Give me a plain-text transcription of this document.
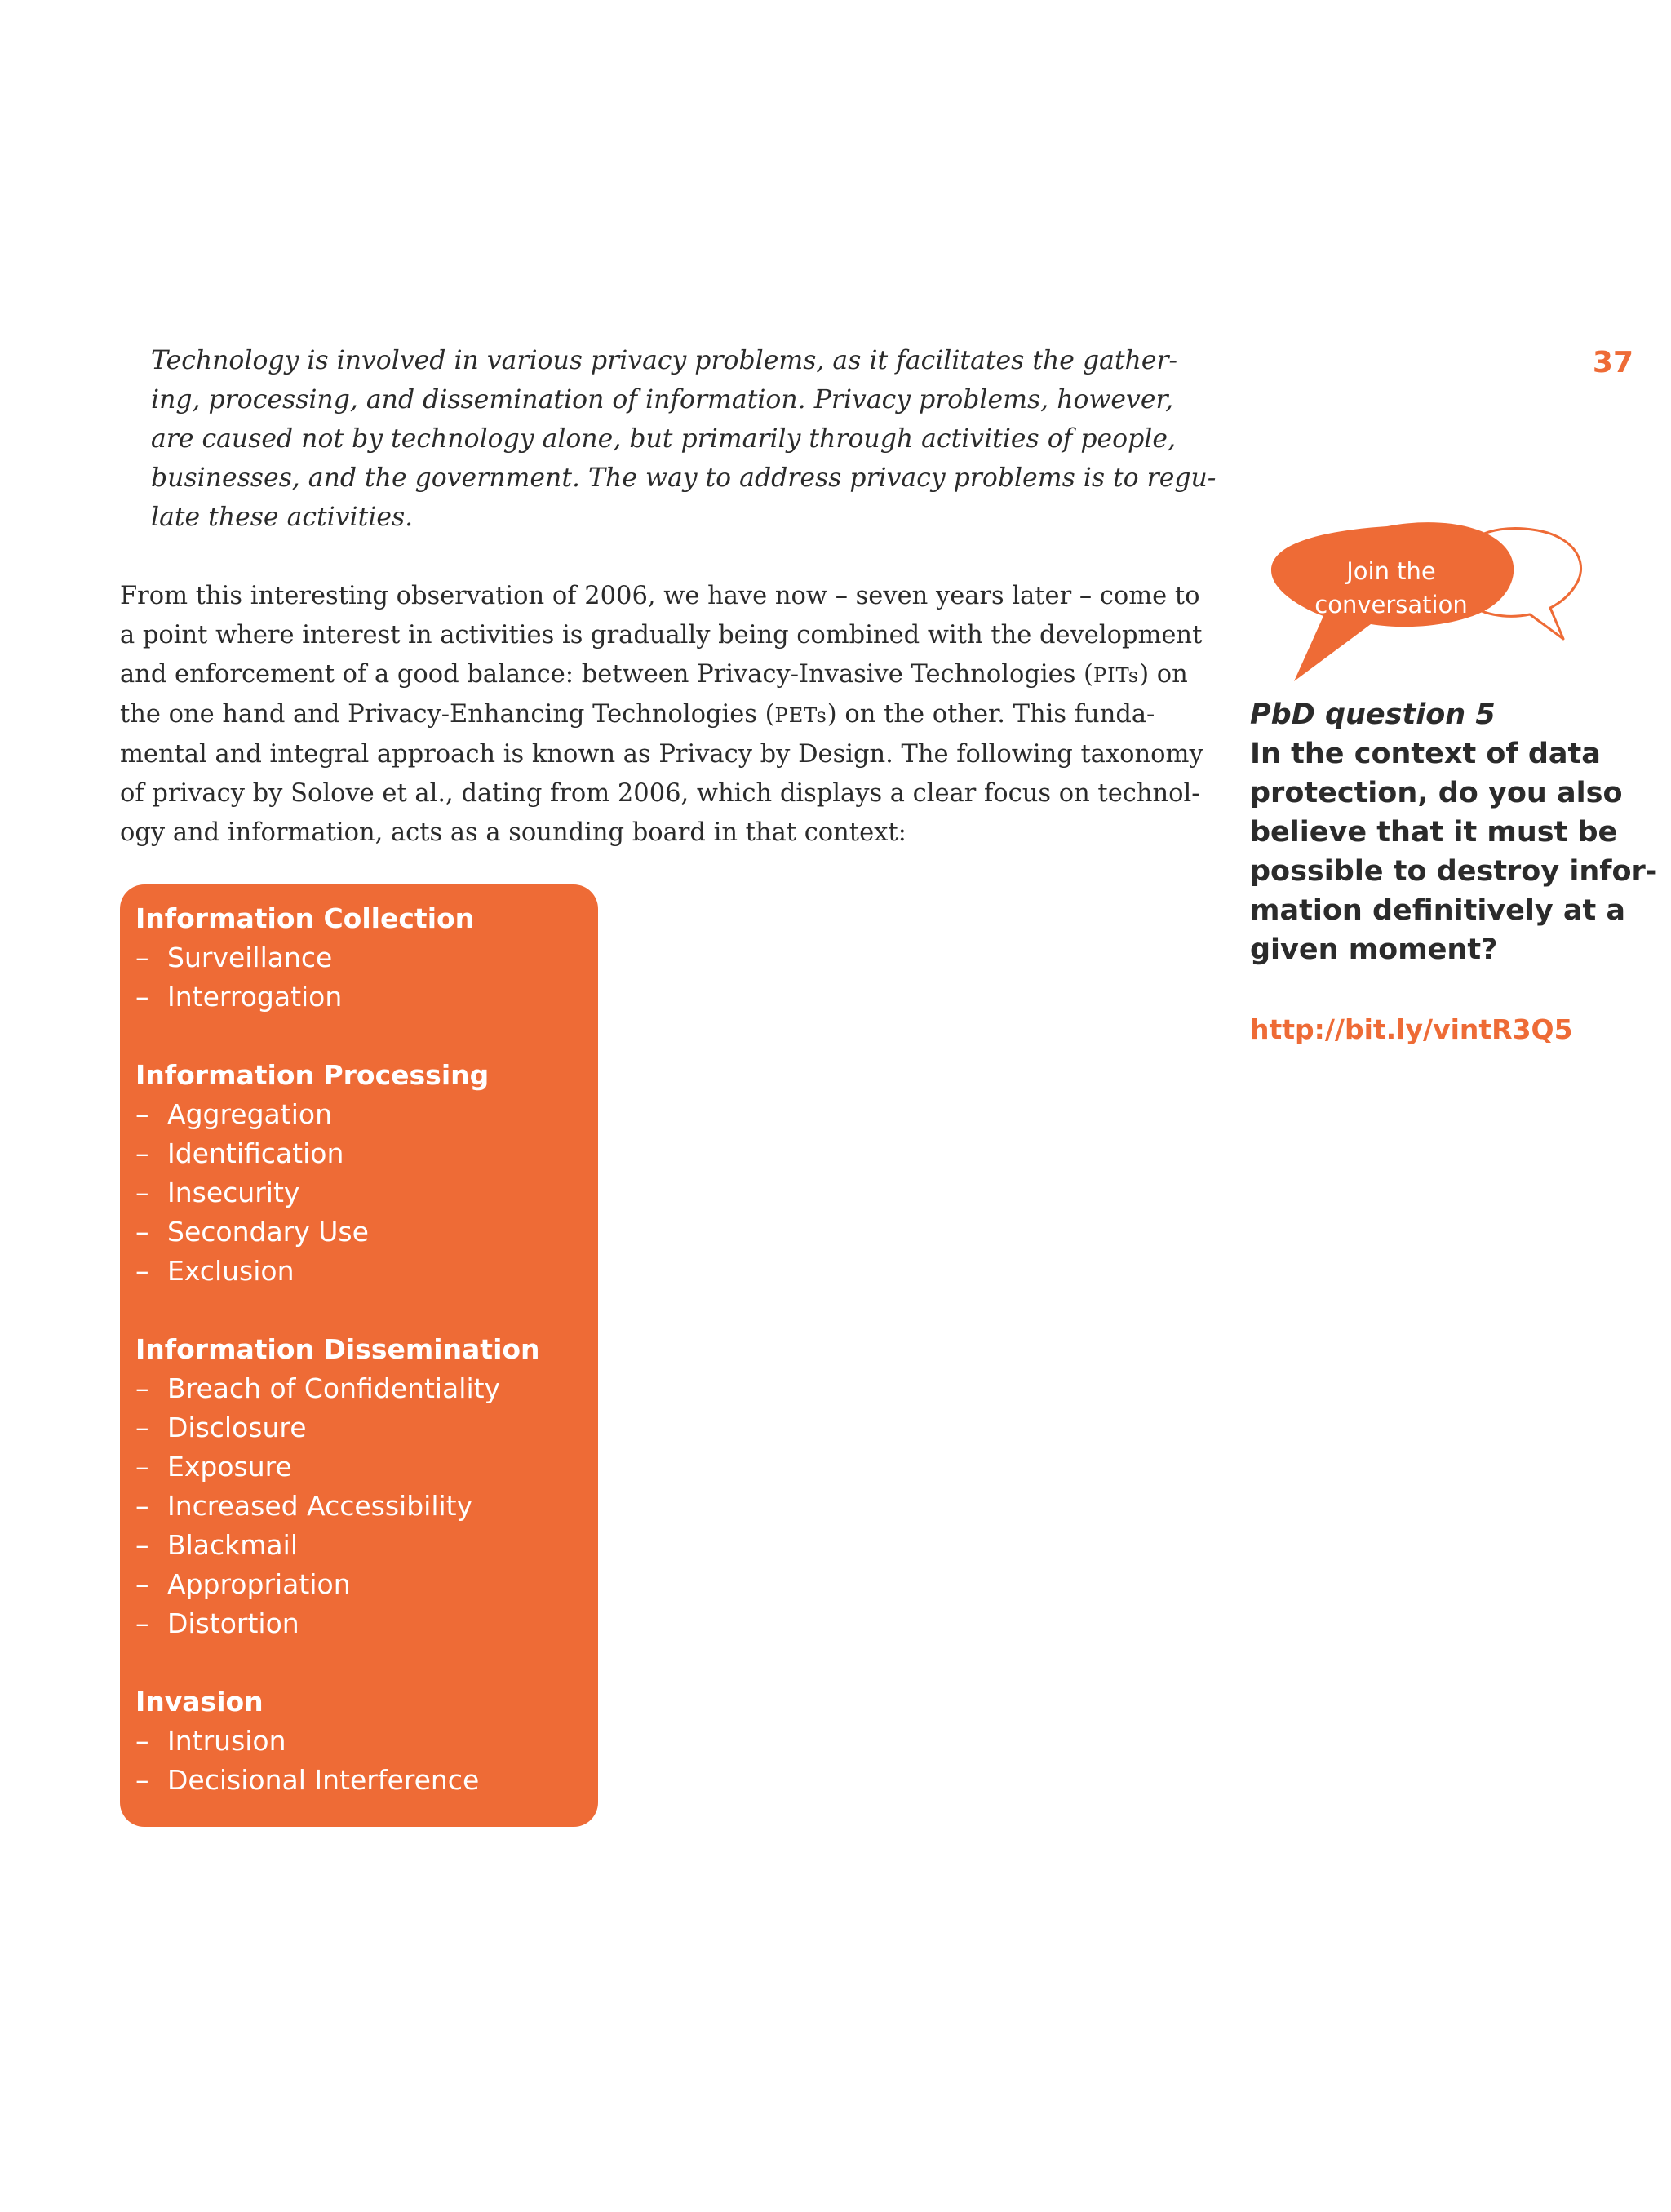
37
Technology is involved in various privacy problems, as it facilitates the gather-
ing, processing, and dissemination of information. Privacy problems, however,
are caused not by technology alone, but primarily through activities of people,
businesses, and the government. The way to address privacy problems is to regu-
late these activities.
From this interesting observation of 2006, we have now – seven years later – come to
a point where interest in activities is gradually being combined with the development
and enforcement of a good balance: between Privacy-Invasive Technologies (PITs) on
the one hand and Privacy-Enhancing Technologies (PETs) on the other. This funda-
mental and integral approach is known as Privacy by Design. The following taxonomy
of privacy by Solove et al., dating from 2006, which displays a clear focus on technol-
ogy and information, acts as a sounding board in that context:
Information Collection
– Surveillance
– Interrogation
Information Processing
– Aggregation
– Identification
– Insecurity
– Secondary Use
– Exclusion
Information Dissemination
– Breach of Confidentiality
– Disclosure
– Exposure
– Increased Accessibility
– Blackmail
– Appropriation
– Distortion
Invasion
– Intrusion
– Decisional Interference
Join the
conversation
PbD question 5
In the context of data
protection, do you also
believe that it must be
possible to destroy infor-
mation definitively at a
given moment?
http://bit.ly/vintR3Q5
